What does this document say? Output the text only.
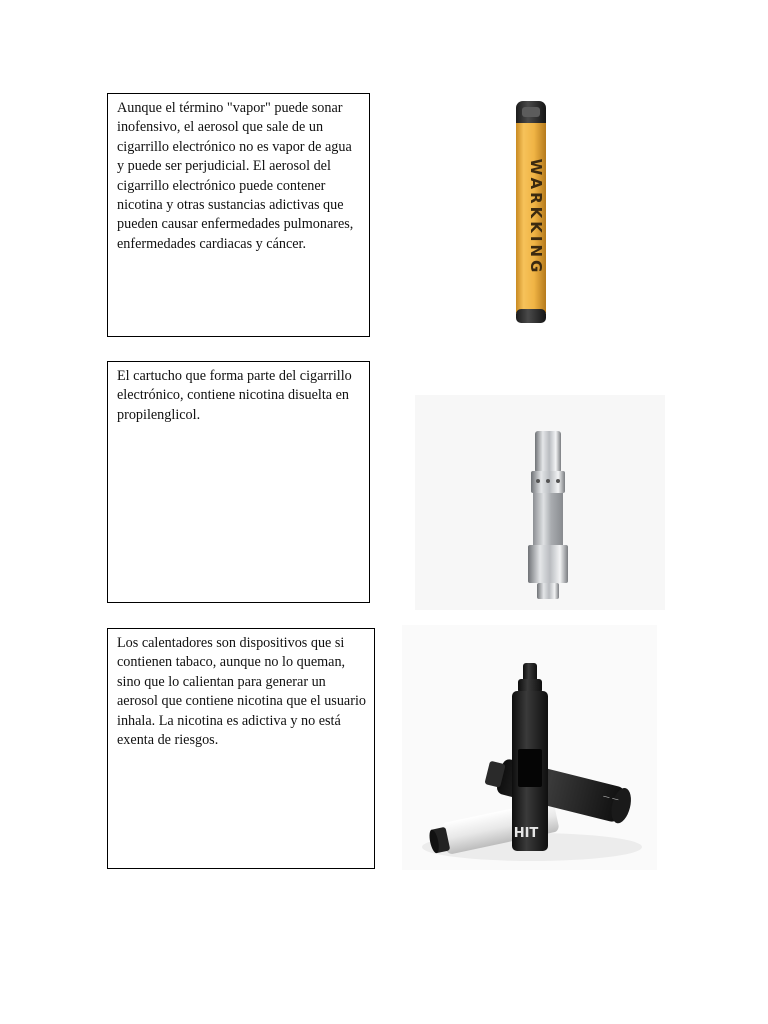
Aunque el término "vapor" puede sonar inofensivo, el aerosol que sale de un cigarrillo electrónico no es vapor de agua y puede ser perjudicial. El aerosol del cigarrillo electrónico puede contener nicotina y otras sustancias adictivas que pueden causar enfermedades pulmonares, enfermedades cardiacas y cáncer.	WARKKING

El cartucho que forma parte del cigarrillo electrónico, contiene nicotina disuelta en propilenglicol.

Los calentadores son dispositivos que si contienen tabaco, aunque no lo queman, sino que lo calientan para generar un aerosol que contiene nicotina que el usuario inhala. La nicotina es adictiva y no está exenta de riesgos.

— —
HIT
